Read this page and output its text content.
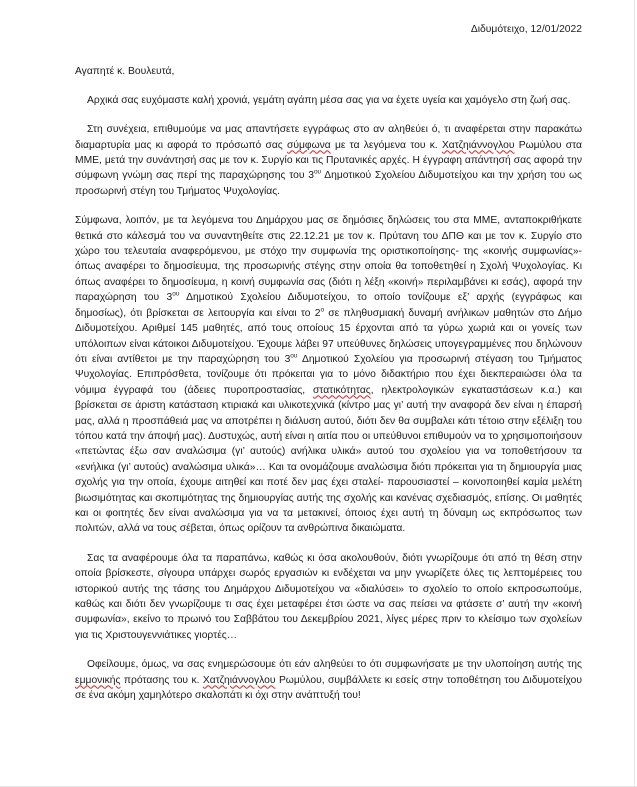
Διδυμότειχο, 12/01/2022
Αγαπητέ κ. Βουλευτά,

Αρχικά σας ευχόμαστε καλή χρονιά, γεμάτη αγάπη μέσα σας για να έχετε υγεία και χαμόγελο στη ζωή σας.

Στη συνέχεια, επιθυμούμε να μας απαντήσετε εγγράφως στο αν αληθεύει ό, τι αναφέρεται στην παρακάτω διαμαρτυρία μας κι αφορά το πρόσωπό σας σύμφωνα με τα λεγόμενα του κ. Χατζηιάννογλου Ρωμύλου στα ΜΜΕ, μετά την συνάντησή σας με τον κ. Συργίο και τις Πρυτανικές αρχές. Η έγγραφη απάντησή σας αφορά την σύμφωνη γνώμη σας περί της παραχώρησης του $3^{o\upsilon}$ Δημοτικού Σχολείου Διδυμοτείχου και την χρήση του ως προσωρινή στέγη του Τμήματος Ψυχολογίας.

Σύμφωνα, λοιπόν, με τα λεγόμενα του Δημάρχου μας σε δημόσιες δηλώσεις του στα ΜΜΕ, ανταποκριθήκατε θετικά στο κάλεσμά του να συναντηθείτε στις 22.12.21 με τον κ. Πρύτανη του ΔΠΘ και με τον κ. Συργίο στο χώρο του τελευταία αναφερόμενου, με στόχο την συμφωνία της οριστικοποίησης- της «κοινής συμφωνίας»- όπως αναφέρει το δημοσίευμα, της προσωρινής στέγης στην οποία θα τοποθετηθεί η Σχολή Ψυχολογίας. Κι όπως αναφέρει το δημοσίευμα, η κοινή συμφωνία σας (διότι η λέξη «κοινή» περιλαμβάνει κι εσάς), αφορά την παραχώρηση του $3^{o\upsilon}$ Δημοτικού Σχολείου Διδυμοτείχου, το οποίο τονίζουμε εξ’ αρχής (εγγράφως και δημοσίως), ότι βρίσκεται σε λειτουργία και είναι το $2^o$ σε πληθυσμιακή δυναμή ανήλικων μαθητών στο Δήμο Διδυμοτείχου. Αριθμεί 145 μαθητές, από τους οποίους 15 έρχονται από τα γύρω χωριά και οι γονείς των υπόλοιπων είναι κάτοικοι Διδυμοτείχου. Έχουμε λάβει 97 υπεύθυνες δηλώσεις υπογεγραμμένες που δηλώνουν ότι είναι αντίθετοι με την παραχώρηση του $3^{o\upsilon}$ Δημοτικού Σχολείου για προσωρινή στέγαση του Τμήματος Ψυχολογίας. Επιπρόσθετα, τονίζουμε ότι πρόκειται για το μόνο διδακτήριο που έχει διεκπεραιώσει όλα τα νόμιμα έγγραφά του (άδειες πυροπροστασίας, στατικότητας, ηλεκτρολογικών εγκαταστάσεων κ.α.) και βρίσκεται σε άριστη κατάσταση κτιριακά και υλικοτεχνικά (κίντρο μας γι’ αυτή την αναφορά δεν είναι η έπαρσή μας, αλλά η προσπάθειά μας να αποτρέπει η διάλυση αυτού, διότι δεν θα συμβαλει κάτι τέτοιο στην εξέλιξη του τόπου κατά την άποψή μας). Δυστυχώς, αυτή είναι η αιτία που οι υπεύθυνοι επιθυμούν να το χρησιμοποιήσουν «πετώντας έξω σαν αναλώσιμα (γι’ αυτούς) ανήλικα υλικά» αυτού του σχολείου για να τοποθετήσουν τα «ενήλικα (γι’ αυτούς) αναλώσιμα υλικά»… Και τα ονομάζουμε αναλώσιμα διότι πρόκειται για τη δημιουργία μιας σχολής για την οποία, έχουμε αιτηθεί και ποτέ δεν μας έχει σταλεί- παρουσιαστεί – κοινοποιηθεί καμία μελέτη βιωσιμότητας και σκοπιμότητας της δημιουργίας αυτής της σχολής και κανένας σχεδιασμός, επίσης. Οι μαθητές και οι φοιτητές δεν είναι αναλώσιμα για να τα μετακινεί, όποιος έχει αυτή τη δύναμη ως εκπρόσωπος των πολιτών, αλλά να τους σέβεται, όπως ορίζουν τα ανθρώπινα δικαιώματα.

Σας τα αναφέρουμε όλα τα παραπάνω, καθώς κι όσα ακολουθούν, διότι γνωρίζουμε ότι από τη θέση στην οποία βρίσκεστε, σίγουρα υπάρχει σωρός εργασιών κι ενδέχεται να μην γνωρίζετε όλες τις λεπτομέρειες του ιστορικού αυτής της τάσης του Δημάρχου Διδυμοτείχου να «διαλύσει» το σχολείο το οποίο εκπροσωπούμε, καθώς και διότι δεν γνωρίζουμε τι σας έχει μεταφέρει έτσι ώστε να σας πείσει να φτάσετε σ’ αυτή την «κοινή συμφωνία», εκείνο το πρωινό του Σαββάτου του Δεκεμβρίου 2021, λίγες μέρες πριν το κλείσιμο των σχολείων για τις Χριστουγεννιάτικες γιορτές…

Οφείλουμε, όμως, να σας ενημερώσουμε ότι εάν αληθεύει το ότι συμφωνήσατε με την υλοποίηση αυτής της εμμονικής πρότασης του κ. Χατζηιάννογλου Ρωμύλου, συμβάλλετε κι εσείς στην τοποθέτηση του Διδυμοτείχου σε ένα ακόμη χαμηλότερο σκαλοπάτι κι όχι στην ανάπτυξή του!
